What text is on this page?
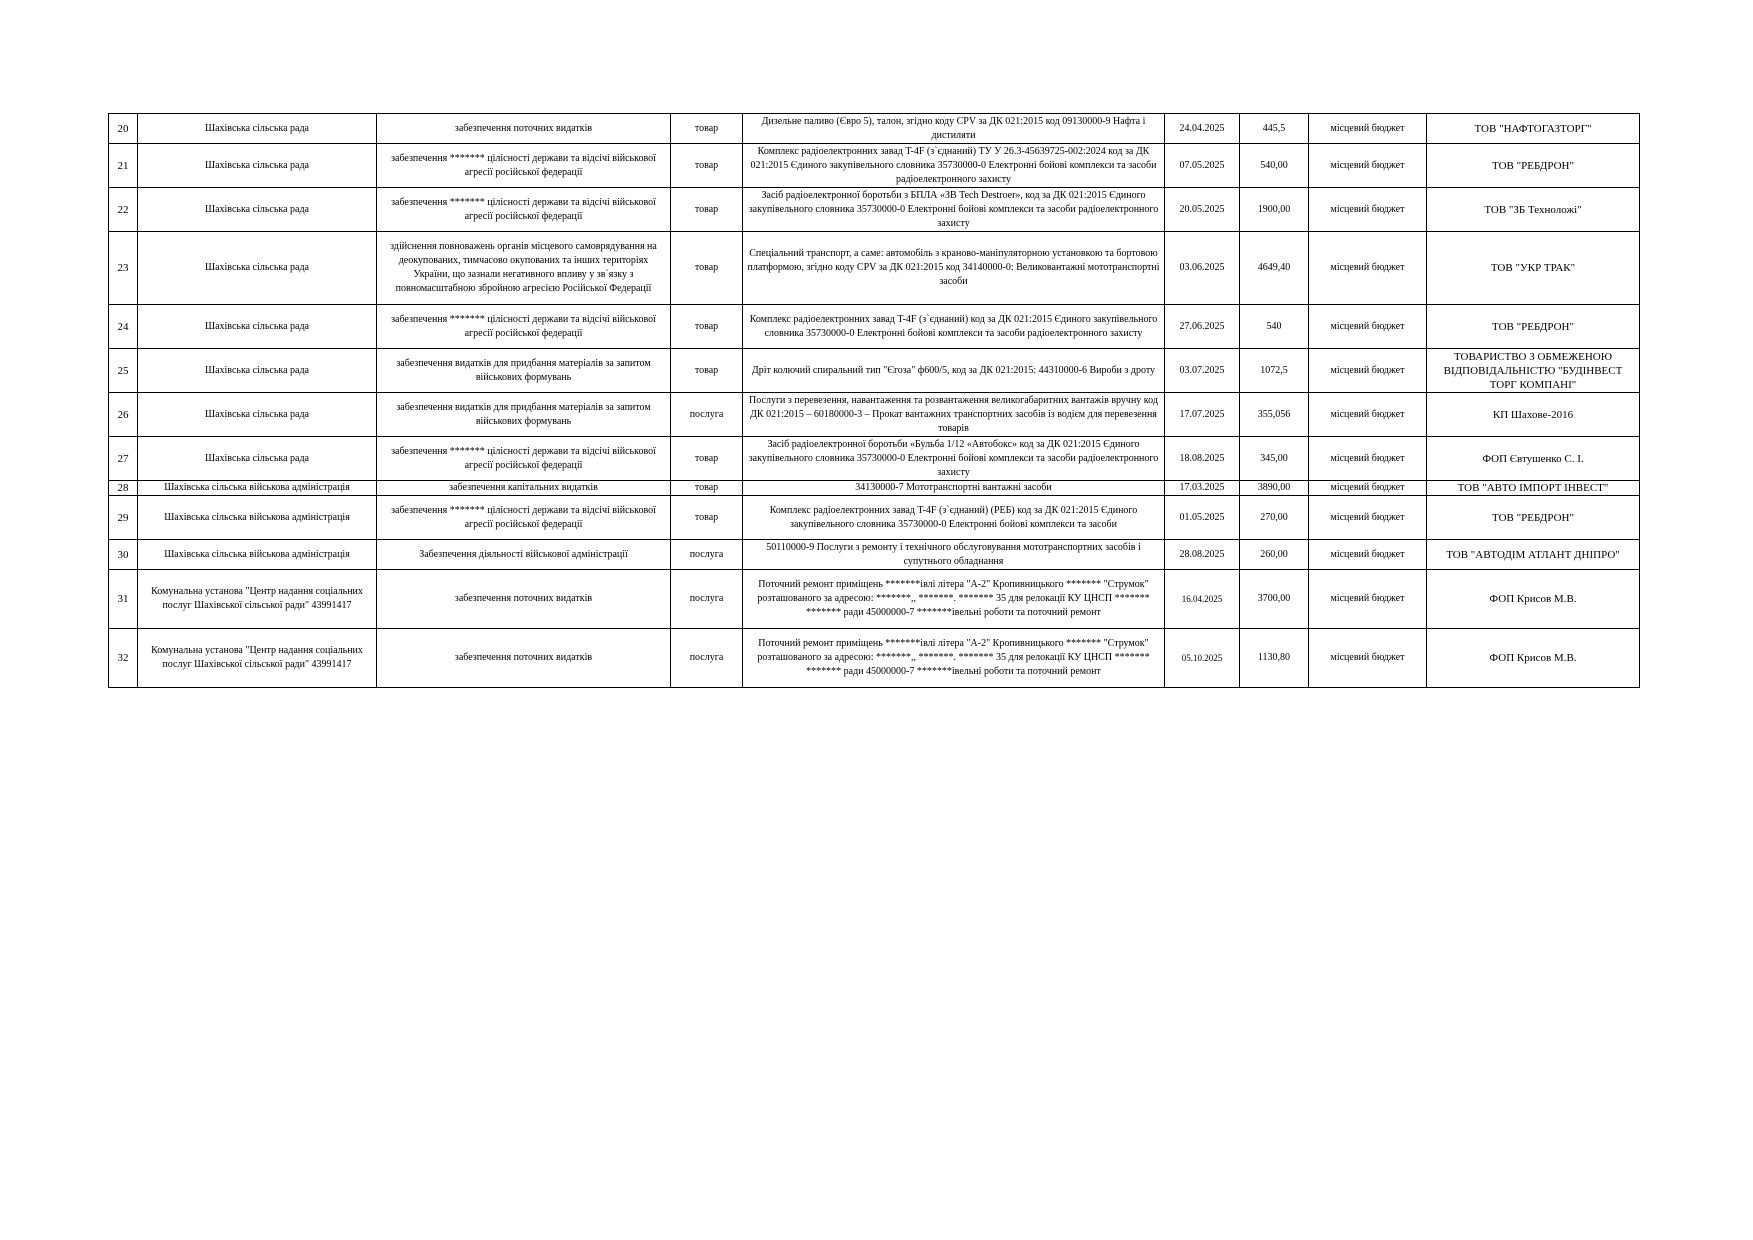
20	Шахівська сільська рада	забезпечення поточних видатків	товар	Дизельне паливо (Євро 5), талон, згідно коду CPV за ДК 021:2015 код 09130000-9 Нафта і дистиляти	24.04.2025	445,5	місцевий бюджет	ТОВ "НАФТОГАЗТОРГ"
21	Шахівська сільська рада	забезпечення ******* цілісності держави та відсічі військової агресії російської федерації	товар	Комплекс радіоелектронних завад T-4F (з`єднаний) ТУ У 26.3-45639725-002:2024 код за ДК 021:2015 Єдиного закупівельного словника 35730000-0 Електронні бойові комплекси та засоби радіоелектронного захисту	07.05.2025	540,00	місцевий бюджет	ТОВ "РЕБДРОН"
22	Шахівська сільська рада	забезпечення ******* цілісності держави та відсічі військової агресії російської федерації	товар	Засіб радіоелектронної боротьби з БПЛА «ЗВ Tech Destroer», код за ДК 021:2015 Єдиного закупівельного словника 35730000-0 Електронні бойові комплекси та засоби радіоелектронного захисту	20.05.2025	1900,00	місцевий бюджет	ТОВ "ЗБ Техноложі"
23	Шахівська сільська рада	здійснення повноважень органів місцевого самоврядування на деокупованих, тимчасово окупованих та інших територіях України, що зазнали негативного впливу у зв`язку з повномасштабною збройною агресією Російської Федерації	товар	Спеціальний транспорт, а саме: автомобіль з краново-маніпуляторною установкою та бортовою платформою, згідно коду CPV за ДК 021:2015 код 34140000-0: Великовантажні мототранспортні засоби	03.06.2025	4649,40	місцевий бюджет	ТОВ "УКР ТРАК"
24	Шахівська сільська рада	забезпечення ******* цілісності держави та відсічі військової агресії російської федерації	товар	Комплекс радіоелектронних завад T-4F (з`єднаний) код за ДК 021:2015 Єдиного закупівельного словника 35730000-0 Електронні бойові комплекси та засоби радіоелектронного захисту	27.06.2025	540	місцевий бюджет	ТОВ "РЕБДРОН"
25	Шахівська сільська рада	забезпечення видатків для придбання матеріалів за запитом військових формувань	товар	Дріт колючий спиральний тип "Єгоза" ф600/5, код за ДК 021:2015: 44310000-6 Вироби з дроту	03.07.2025	1072,5	місцевий бюджет	ТОВАРИСТВО З ОБМЕЖЕНОЮ ВІДПОВІДАЛЬНІСТЮ "БУДІНВЕСТ ТОРГ КОМПАНІ"
26	Шахівська сільська рада	забезпечення видатків для придбання матеріалів за запитом військових формувань	послуга	Послуги з перевезення, навантаження та розвантаження великогабаритних вантажів вручну код ДК 021:2015 – 60180000-3 – Прокат вантажних транспортних засобів із водієм для перевезення товарів	17.07.2025	355,056	місцевий бюджет	КП Шахове-2016
27	Шахівська сільська рада	забезпечення ******* цілісності держави та відсічі військової агресії російської федерації	товар	Засіб радіоелектронної боротьби «Бульба 1/12 «Автобокс» код за ДК 021:2015 Єдиного закупівельного словника 35730000-0 Електронні бойові комплекси та засоби радіоелектронного захисту	18.08.2025	345,00	місцевий бюджет	ФОП Євтушенко С. І.
28	Шахівська сільська військова адміністрація	забезпечення капітальних видатків	товар	34130000-7 Мототранспортні вантажні засоби	17.03.2025	3890,00	місцевий бюджет	ТОВ "АВТО ІМПОРТ ІНВЕСТ"
29	Шахівська сільська військова адміністрація	забезпечення ******* цілісності держави та відсічі військової агресії російської федерації	товар	Комплекс радіоелектронних завад T-4F (з`єднаний) (РЕБ) код за ДК 021:2015 Єдиного закупівельного словника 35730000-0 Електронні бойові комплекси та засоби	01.05.2025	270,00	місцевий бюджет	ТОВ "РЕБДРОН"
30	Шахівська сільська військова адміністрація	Забезпечення діяльності військової адміністрації	послуга	50110000-9 Послуги з ремонту і технічного обслуговування мототранспортних засобів і супутнього обладнання	28.08.2025	260,00	місцевий бюджет	ТОВ "АВТОДІМ АТЛАНТ ДНІПРО"
31	Комунальна установа "Центр надання соціальних послуг Шахівської сільської ради" 43991417	забезпечення поточних видатків	послуга	Поточний ремонт приміщень *******івлі літера "А-2" Кропивницького ******* "Струмок" розташованого за адресою: *******,, *******. ******* 35 для релокації КУ ЦНСП ******* ******* ради 45000000-7 *******івельні роботи та поточний ремонт	16.04.2025	3700,00	місцевий бюджет	ФОП Крисов М.В.
32	Комунальна установа "Центр надання соціальних послуг Шахівської сільської ради" 43991417	забезпечення поточних видатків	послуга	Поточний ремонт приміщень *******івлі літера "А-2" Кропивницького ******* "Струмок" розташованого за адресою: *******,, *******. ******* 35 для релокації КУ ЦНСП ******* ******* ради 45000000-7 *******івельні роботи та поточний ремонт	05.10.2025	1130,80	місцевий бюджет	ФОП Крисов М.В.
